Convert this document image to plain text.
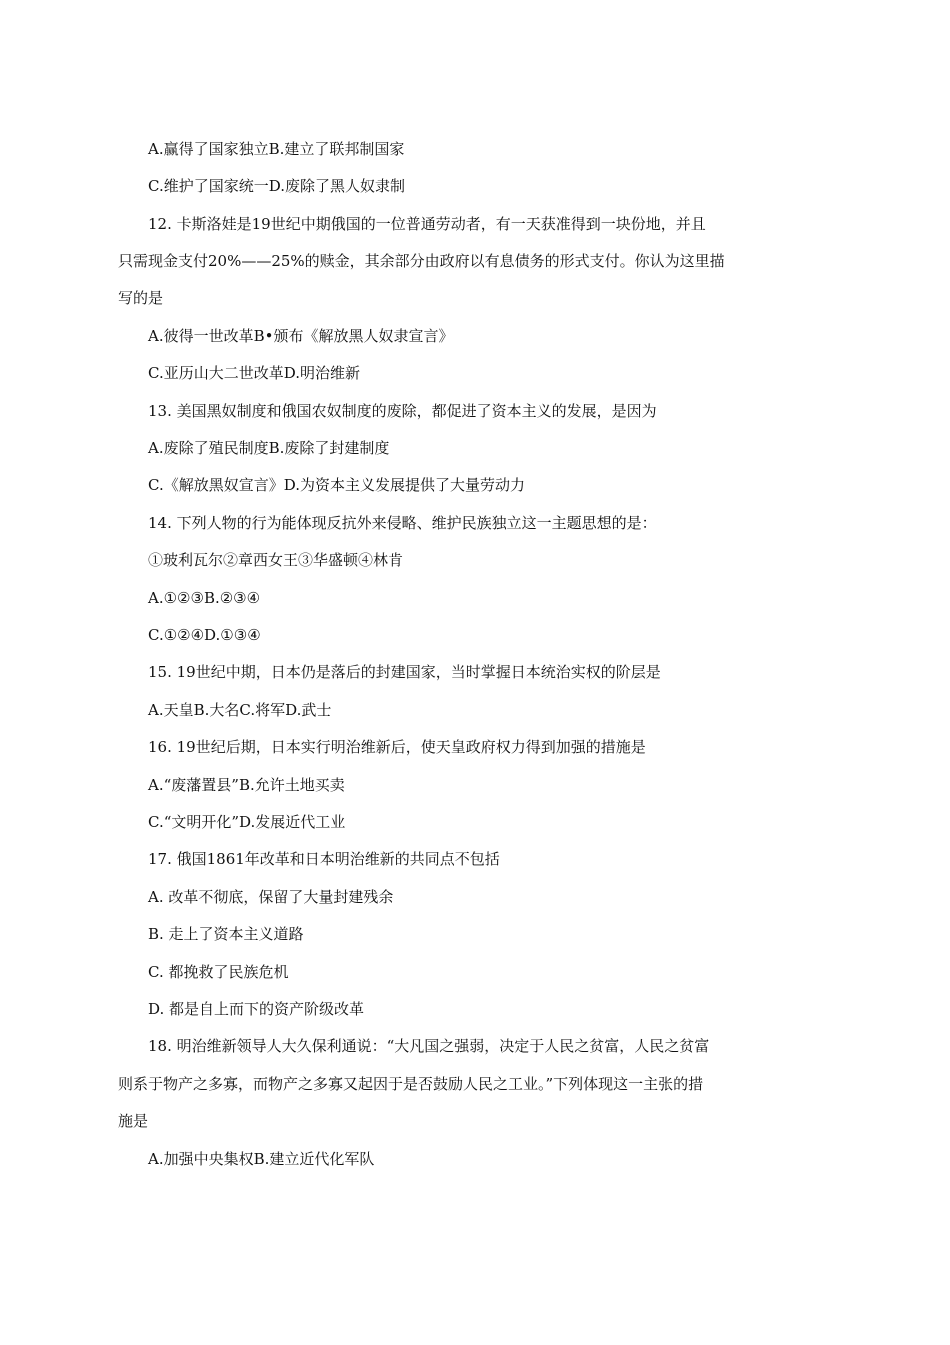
A.赢得了国家独立B.建立了联邦制国家

C.维护了国家统一D.废除了黑人奴隶制

12. 卡斯洛娃是19世纪中期俄国的一位普通劳动者，有一天获准得到一块份地，并且

只需现金支付20%——25%的赎金，其余部分由政府以有息债务的形式支付。你认为这里描

写的是

A.彼得一世改革B•颁布《解放黑人奴隶宣言》

C.亚历山大二世改革D.明治维新

13. 美国黑奴制度和俄国农奴制度的废除，都促进了资本主义的发展，是因为

A.废除了殖民制度B.废除了封建制度

C.《解放黑奴宣言》D.为资本主义发展提供了大量劳动力

14. 下列人物的行为能体现反抗外来侵略、维护民族独立这一主题思想的是：

①玻利瓦尔②章西女王③华盛顿④林肯

A.①②③B.②③④

C.①②④D.①③④

15. 19世纪中期，日本仍是落后的封建国家，当时掌握日本统治实权的阶层是

A.天皇B.大名C.将军D.武士

16. 19世纪后期，日本实行明治维新后，使天皇政府权力得到加强的措施是

A.“废藩置县”B.允许土地买卖

C.“文明开化”D.发展近代工业

17. 俄国1861年改革和日本明治维新的共同点不包括

A. 改革不彻底，保留了大量封建残余

B. 走上了资本主义道路

C. 都挽救了民族危机

D. 都是自上而下的资产阶级改革

18. 明治维新领导人大久保利通说：“大凡国之强弱，决定于人民之贫富，人民之贫富

则系于物产之多寡，而物产之多寡又起因于是否鼓励人民之工业。”下列体现这一主张的措

施是

A.加强中央集权B.建立近代化军队
